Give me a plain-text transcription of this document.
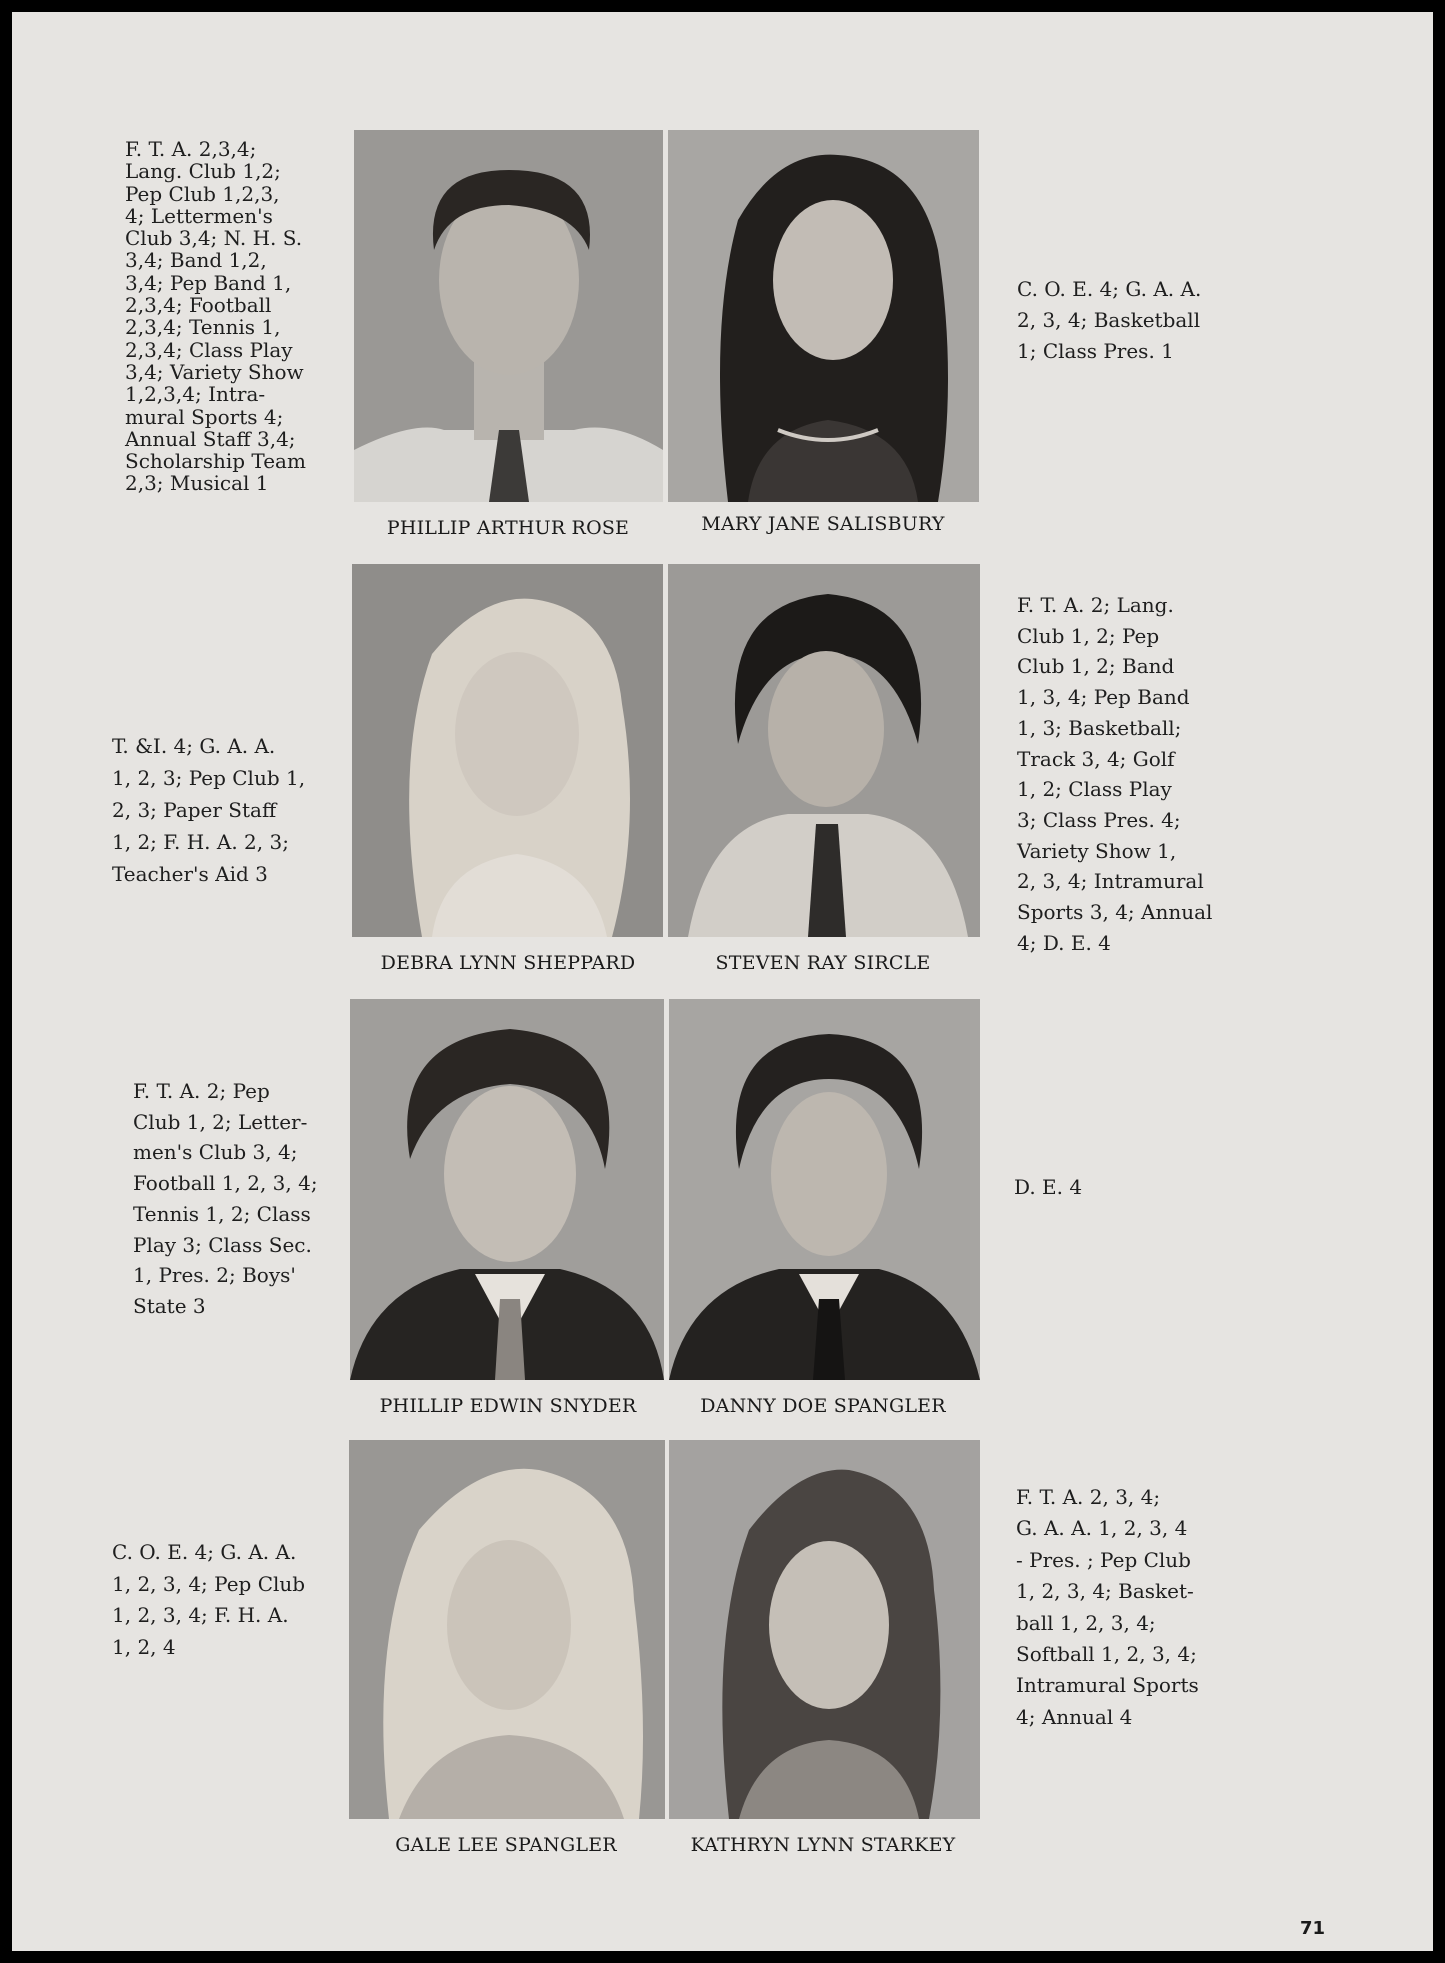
F. T. A. 2,3,4;
Lang. Club 1,2;
Pep Club 1,2,3,
4; Lettermen's
Club 3,4; N. H. S.
3,4; Band 1,2,
3,4; Pep Band 1,
2,3,4; Football
2,3,4; Tennis 1,
2,3,4; Class Play
3,4; Variety Show
1,2,3,4; Intra-
mural Sports 4;
Annual Staff 3,4;
Scholarship Team
2,3; Musical 1

C. O. E. 4; G. A. A.
2, 3, 4; Basketball
1; Class Pres. 1

PHILLIP ARTHUR ROSE	MARY JANE SALISBURY

T. &I. 4; G. A. A.
1, 2, 3; Pep Club 1,
2, 3; Paper Staff
1, 2; F. H. A. 2, 3;
Teacher's Aid 3

F. T. A. 2; Lang.
Club 1, 2; Pep
Club 1, 2; Band
1, 3, 4; Pep Band
1, 3; Basketball;
Track 3, 4; Golf
1, 2; Class Play
3; Class Pres. 4;
Variety Show 1,
2, 3, 4; Intramural
Sports 3, 4; Annual
4; D. E. 4

DEBRA LYNN SHEPPARD	STEVEN RAY SIRCLE

F. T. A. 2; Pep
Club 1, 2; Letter-
men's Club 3, 4;
Football 1, 2, 3, 4;
Tennis 1, 2; Class
Play 3; Class Sec.
1, Pres. 2; Boys'
State 3

D. E. 4

PHILLIP EDWIN SNYDER	DANNY DOE SPANGLER

C. O. E. 4; G. A. A.
1, 2, 3, 4; Pep Club
1, 2, 3, 4; F. H. A.
1, 2, 4

F. T. A. 2, 3, 4;
G. A. A. 1, 2, 3, 4
- Pres. ; Pep Club
1, 2, 3, 4; Basket-
ball 1, 2, 3, 4;
Softball 1, 2, 3, 4;
Intramural Sports
4; Annual 4

GALE LEE SPANGLER	KATHRYN LYNN STARKEY

71
